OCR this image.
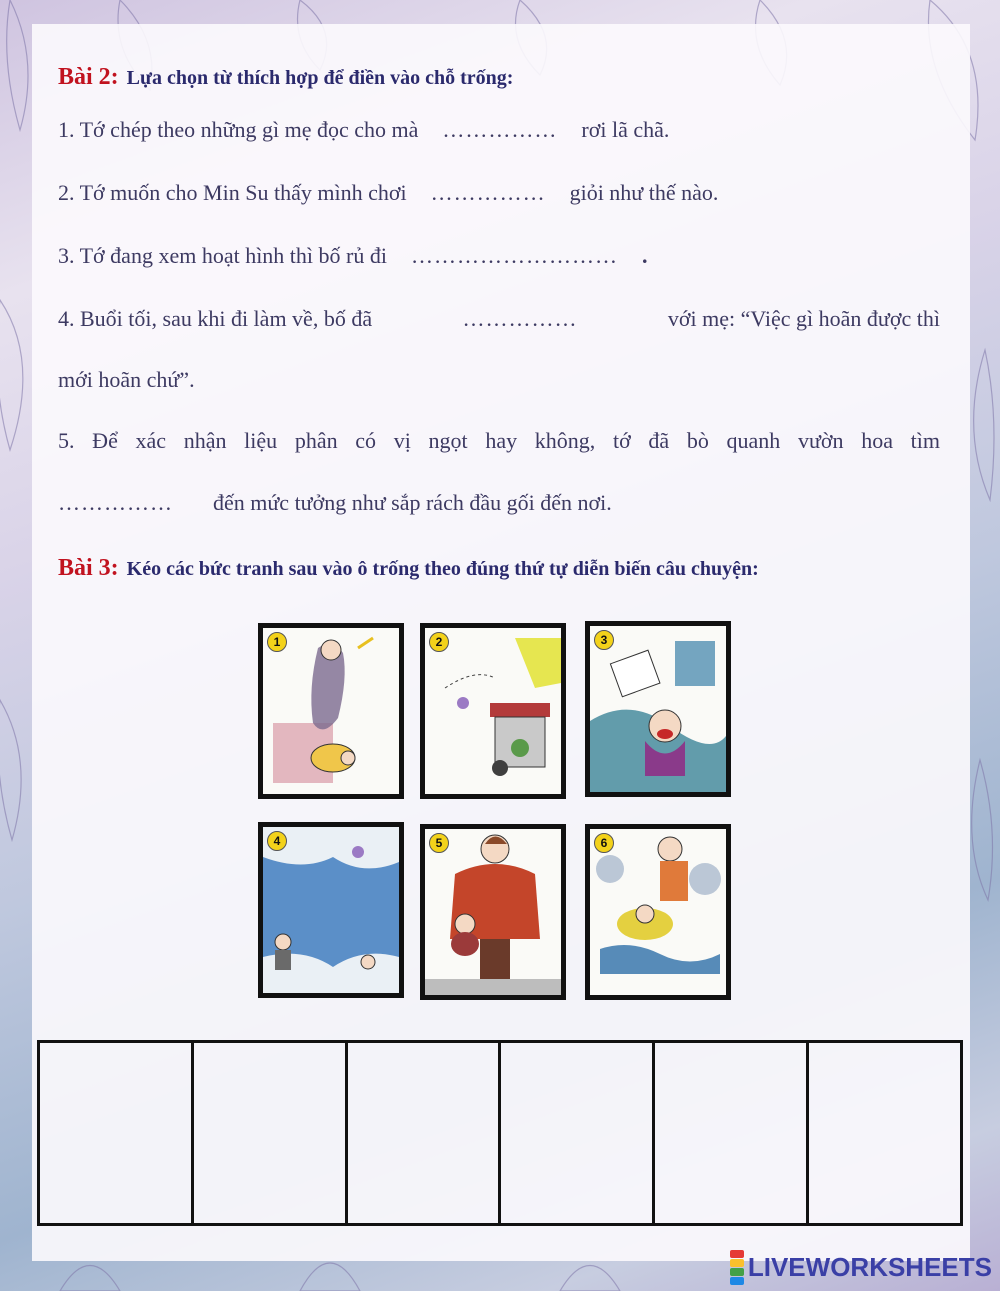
Bài 2: Lựa chọn từ thích hợp để điền vào chỗ trống:
1. Tớ chép theo những gì mẹ đọc cho mà …………… rơi lã chã.
2. Tớ muốn cho Min Su thấy mình chơi …………… giỏi như thế nào.
3. Tớ đang xem hoạt hình thì bố rủ đi ……………………… .
4. Buổi tối, sau khi đi làm về, bố đã	……………	với mẹ: “Việc gì hoãn được thì
mới hoãn chứ”.
5. Để xác nhận liệu phân có vị ngọt hay không, tớ đã bò quanh vườn hoa tìm
…………… đến mức tưởng như sắp rách đầu gối đến nơi.
Bài 3: Kéo các bức tranh sau vào ô trống theo đúng thứ tự diễn biến câu chuyện:
1	2	3
4	5	6
LIVEWORKSHEETS
